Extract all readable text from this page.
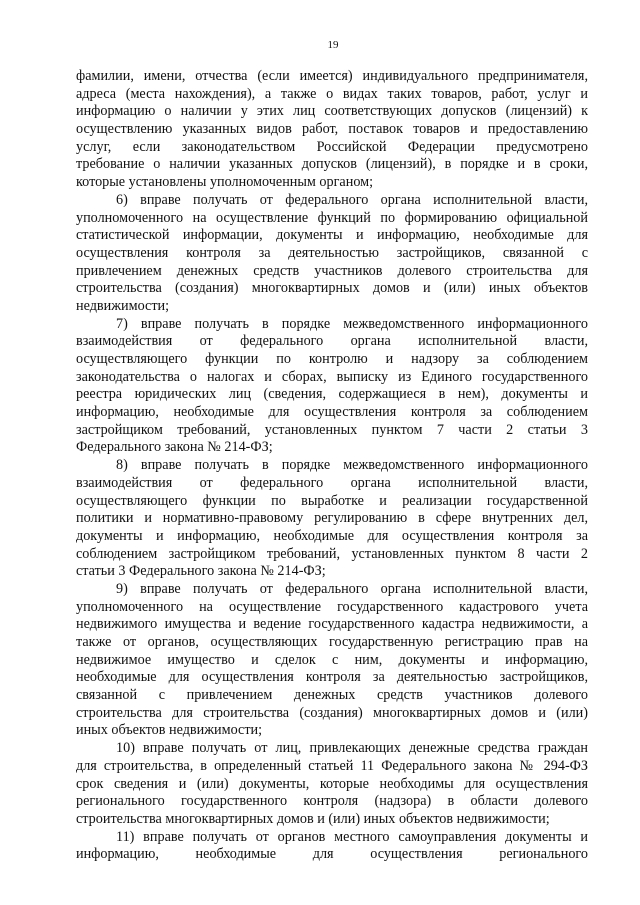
19
фамилии, имени, отчества (если имеется) индивидуального предпринимателя,
адреса (места нахождения), а также о видах таких товаров, работ, услуг и
информацию о наличии у этих лиц соответствующих допусков (лицензий) к
осуществлению указанных видов работ, поставок товаров и предоставлению
услуг, если законодательством Российской Федерации предусмотрено
требование о наличии указанных допусков (лицензий), в порядке и в сроки,
которые установлены уполномоченным органом;
6) вправе получать от федерального органа исполнительной власти,
уполномоченного на осуществление функций по формированию официальной
статистической информации, документы и информацию, необходимые для
осуществления контроля за деятельностью застройщиков, связанной с
привлечением денежных средств участников долевого строительства для
строительства (создания) многоквартирных домов и (или) иных объектов
недвижимости;
7) вправе получать в порядке межведомственного информационного
взаимодействия от федерального органа исполнительной власти,
осуществляющего функции по контролю и надзору за соблюдением
законодательства о налогах и сборах, выписку из Единого государственного
реестра юридических лиц (сведения, содержащиеся в нем), документы и
информацию, необходимые для осуществления контроля за соблюдением
застройщиком требований, установленных пунктом 7 части 2 статьи 3
Федерального закона № 214-ФЗ;
8) вправе получать в порядке межведомственного информационного
взаимодействия от федерального органа исполнительной власти,
осуществляющего функции по выработке и реализации государственной
политики и нормативно-правовому регулированию в сфере внутренних дел,
документы и информацию, необходимые для осуществления контроля за
соблюдением застройщиком требований, установленных пунктом 8 части 2
статьи 3 Федерального закона № 214-ФЗ;
9) вправе получать от федерального органа исполнительной власти,
уполномоченного на осуществление государственного кадастрового учета
недвижимого имущества и ведение государственного кадастра недвижимости, а
также от органов, осуществляющих государственную регистрацию прав на
недвижимое имущество и сделок с ним, документы и информацию,
необходимые для осуществления контроля за деятельностью застройщиков,
связанной с привлечением денежных средств участников долевого
строительства для строительства (создания) многоквартирных домов и (или)
иных объектов недвижимости;
10) вправе получать от лиц, привлекающих денежные средства граждан
для строительства, в определенный статьей 11 Федерального закона № 294-ФЗ
срок сведения и (или) документы, которые необходимы для осуществления
регионального государственного контроля (надзора) в области долевого
строительства многоквартирных домов и (или) иных объектов недвижимости;
11) вправе получать от органов местного самоуправления документы и
информацию, необходимые для осуществления регионального
